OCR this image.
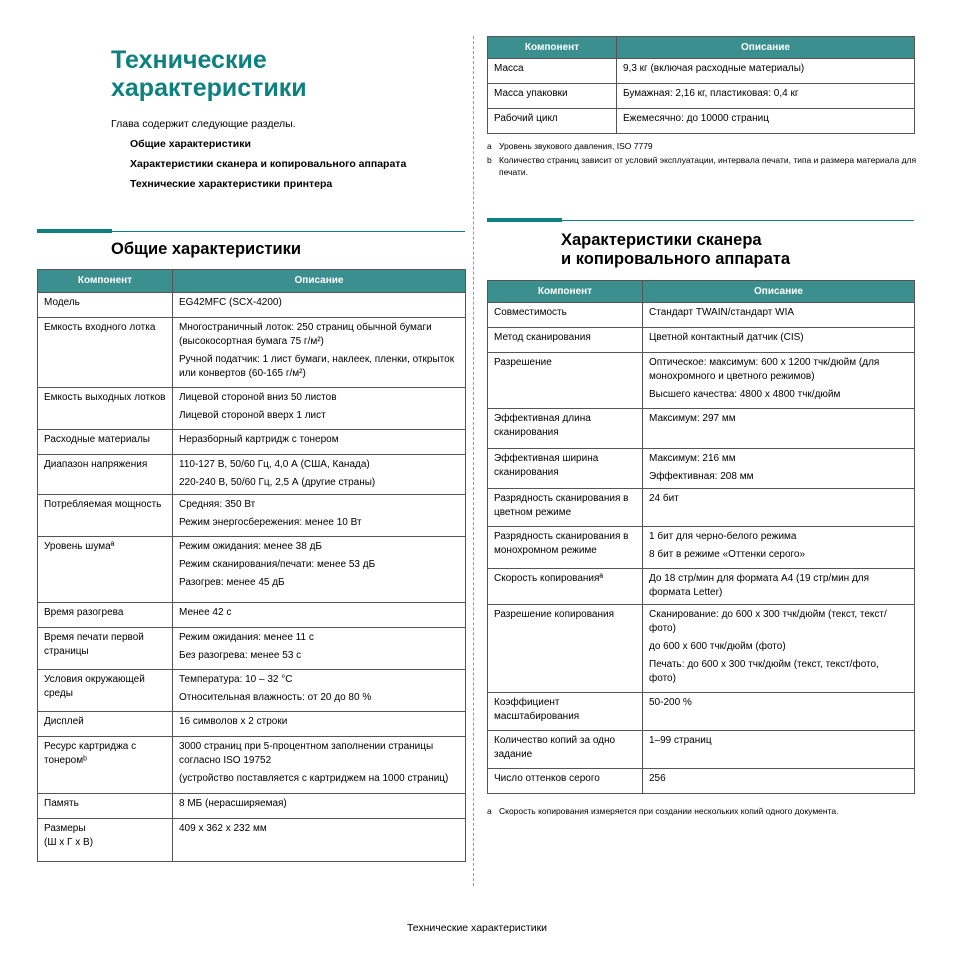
Технические характеристики
Глава содержит следующие разделы.
Общие характеристики
Характеристики сканера и копировального аппарата
Технические характеристики принтера
Общие характеристики
Компонент	Описание
Модель	EG42MFC (SCX-4200)

Емкость входного лотка	Многостраничный лоток: 250 страниц обычной бумаги (высокосортная бумага 75 г/м²)

Ручной податчик: 1 лист бумаги, наклеек, пленки, открыток или конвертов (60-165 г/м²)

Емкость выходных лотков	Лицевой стороной вниз 50 листов

Лицевой стороной вверх 1 лист

Расходные материалы	Неразборный картридж с тонером

Диапазон напряжения	110-127 В, 50/60 Гц, 4,0 А (США, Канада)

220-240 В, 50/60 Гц, 2,5 А (другие страны)

Потребляемая мощность	Средняя: 350 Вт

Режим энергосбережения: менее 10 Вт

Уровень шумаª	Режим ожидания: менее 38 дБ

Режим сканирования/печати: менее 53 дБ

Разогрев: менее 45 дБ

Время разогрева	Менее 42 с

Время печати первой страницы	Режим ожидания: менее 11 с

Без разогрева: менее 53 с

Условия окружающей среды	Температура: 10 – 32 °C

Относительная влажность: от 20 до 80 %

Дисплей	16 символов x 2 строки

Ресурс картриджа с тонеромᵇ	3000 страниц при 5-процентном заполнении страницы согласно ISO 19752

(устройство поставляется с картриджем на 1000 страниц)

Память	8 МБ (нерасширяемая)

Размеры
(Ш x Г x В)	409 x 362 x 232 мм

Компонент	Описание
Масса	9,3 кг (включая расходные материалы)

Масса упаковки	Бумажная: 2,16 кг, пластиковая: 0,4 кг

Рабочий цикл	Ежемесячно: до 10000 страниц

a Уровень звукового давления, ISO 7779
b Количество страниц зависит от условий эксплуатации, интервала печати, типа и размера материала для печати.
Характеристики сканера
и копировального аппарата
Компонент	Описание
Совместимость	Стандарт TWAIN/стандарт WIA

Метод сканирования	Цветной контактный датчик (CIS)

Разрешение	Оптическое: максимум: 600 x 1200 тчк/дюйм (для монохромного и цветного режимов)

Высшего качества: 4800 x 4800 тчк/дюйм

Эффективная длина сканирования	Максимум: 297 мм

Эффективная ширина сканирования	Максимум: 216 мм

Эффективная: 208 мм

Разрядность сканирования в цветном режиме	24 бит

Разрядность сканирования в монохромном режиме	1 бит для черно-белого режима

8 бит в режиме «Оттенки серого»

Скорость копированияª	До 18 стр/мин для формата А4 (19 стр/мин для формата Letter)

Разрешение копирования	Сканирование: до 600 x 300 тчк/дюйм (текст, текст/фото)

до 600 x 600 тчк/дюйм (фото)

Печать: до 600 x 300 тчк/дюйм (текст, текст/фото, фото)

Коэффициент масштабирования	50-200 %

Количество копий за одно задание	1–99 страниц

Число оттенков серого	256

a Скорость копирования измеряется при создании нескольких копий одного документа.
Технические характеристики
